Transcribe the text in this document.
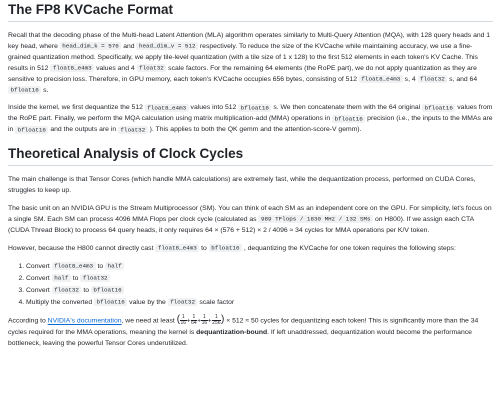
The FP8 KVCache Format

Recall that the decoding phase of the Multi-head Latent Attention (MLA) algorithm operates similarly to Multi-Query Attention (MQA), with 128 query heads and 1 key head, where head_dim_k = 576 and head_dim_v = 512 respectively. To reduce the size of the KVCache while maintaining accuracy, we use a fine-grained quantization method. Specifically, we apply tile-level quantization (with a tile size of 1 x 128) to the first 512 elements in each token's KV Cache. This results in 512 float8_e4m3 values and 4 float32 scale factors. For the remaining 64 elements (the RoPE part), we do not apply quantization as they are sensitive to precision loss. Therefore, in GPU memory, each token's KVCache occupies 656 bytes, consisting of 512 float8_e4m3 s, 4 float32 s, and 64 bfloat16 s.

Inside the kernel, we first dequantize the 512 float8_e4m3 values into 512 bfloat16 s. We then concatenate them with the 64 original bfloat16 values from the RoPE part. Finally, we perform the MQA calculation using matrix multiplication-add (MMA) operations in bfloat16 precision (i.e., the inputs to the MMAs are in bfloat16 and the outputs are in float32 ). This applies to both the QK gemm and the attention-score-V gemm).

Theoretical Analysis of Clock Cycles

The main challenge is that Tensor Cores (which handle MMA calculations) are extremely fast, while the dequantization process, performed on CUDA Cores, struggles to keep up.

The basic unit on an NVIDIA GPU is the Stream Multiprocessor (SM). You can think of each SM as an independent core on the GPU. For simplicity, let's focus on a single SM. Each SM can process 4096 MMA Flops per clock cycle (calculated as 989 TFlops / 1830 MHz / 132 SMs on H800). If we assign each CTA (CUDA Thread Block) to process 64 query heads, it only requires 64 × (576 + 512) × 2 / 4096 ≈ 34 cycles for MMA operations per K/V token.

However, because the H800 cannot directly cast float8_e4m3 to bfloat16 , dequantizing the KVCache for one token requires the following steps:

1. Convert float8_e4m3 to half
2. Convert half to float32
3. Convert float32 to bfloat16
4. Multiply the converted bfloat16 value by the float32 scale factor

According to NVIDIA's documentation, we need at least ( $\frac{1}{16} + \frac{1}{64} + \frac{1}{16} + \frac{1}{256}$ ) × 512 ≈ 50 cycles for dequantizing each token! This is significantly more than the 34 cycles required for the MMA operations, meaning the kernel is dequantization-bound. If left unaddressed, dequantization would become the performance bottleneck, leaving the powerful Tensor Cores underutilized.
